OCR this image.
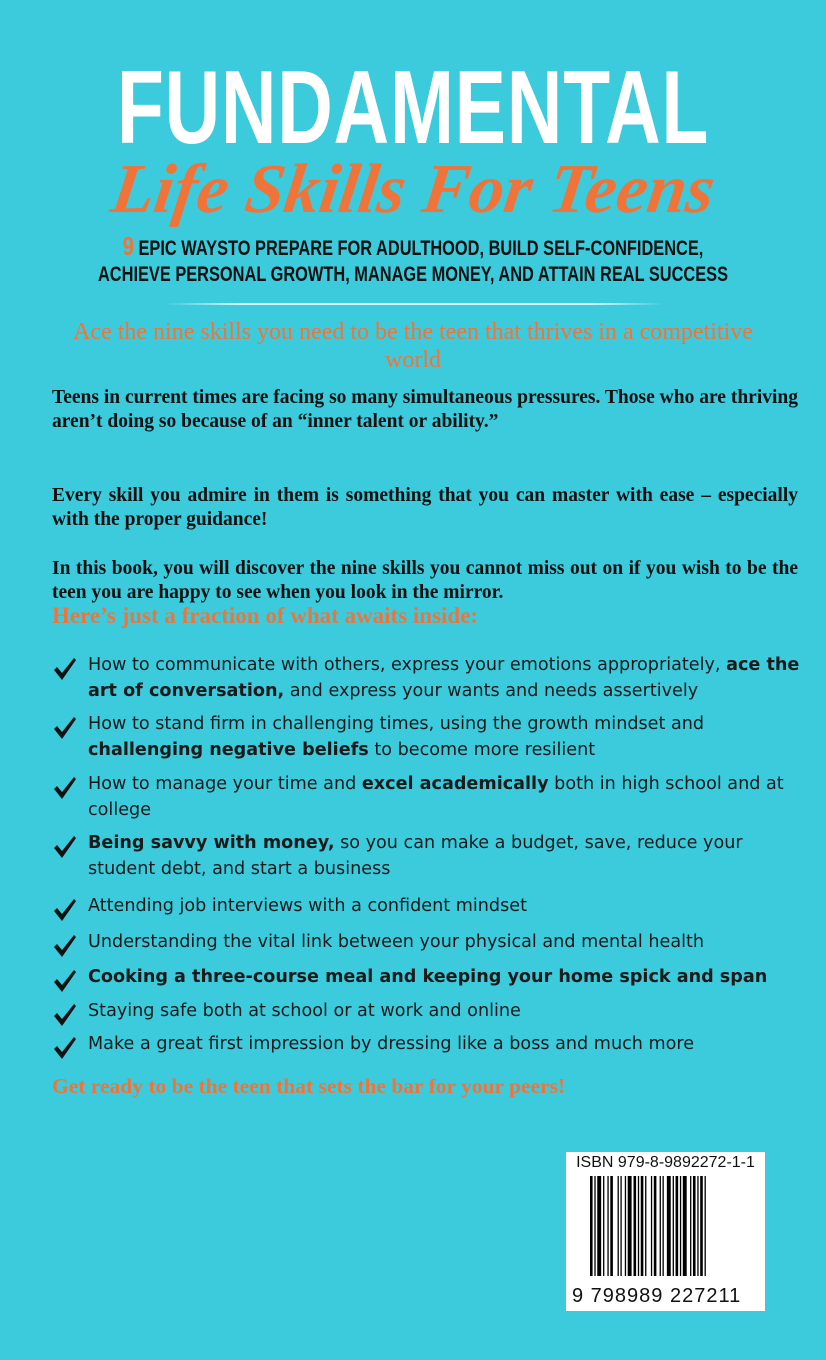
FUNDAMENTAL
Life Skills For Teens
9 EPIC WAYSTO PREPARE FOR ADULTHOOD, BUILD SELF-CONFIDENCE,
ACHIEVE PERSONAL GROWTH, MANAGE MONEY, AND ATTAIN REAL SUCCESS
Ace the nine skills you need to be the teen that thrives in a competitive world
Teens in current times are facing so many simultaneous pressures. Those who are thriving aren’t doing so because of an “inner talent or ability.”
Every skill you admire in them is something that you can master with ease – especially with the proper guidance!
In this book, you will discover the nine skills you cannot miss out on if you wish to be the teen you are happy to see when you look in the mirror.
Here’s just a fraction of what awaits inside:
How to communicate with others, express your emotions appropriately, ace the art of conversation, and express your wants and needs assertively
How to stand firm in challenging times, using the growth mindset and challenging negative beliefs to become more resilient
How to manage your time and excel academically both in high school and at college
Being savvy with money, so you can make a budget, save, reduce your student debt, and start a business
Attending job interviews with a confident mindset
Understanding the vital link between your physical and mental health
Cooking a three-course meal and keeping your home spick and span
Staying safe both at school or at work and online
Make a great first impression by dressing like a boss and much more
Get ready to be the teen that sets the bar for your peers!
ISBN 979-8-9892272-1-1
9 798989 227211
